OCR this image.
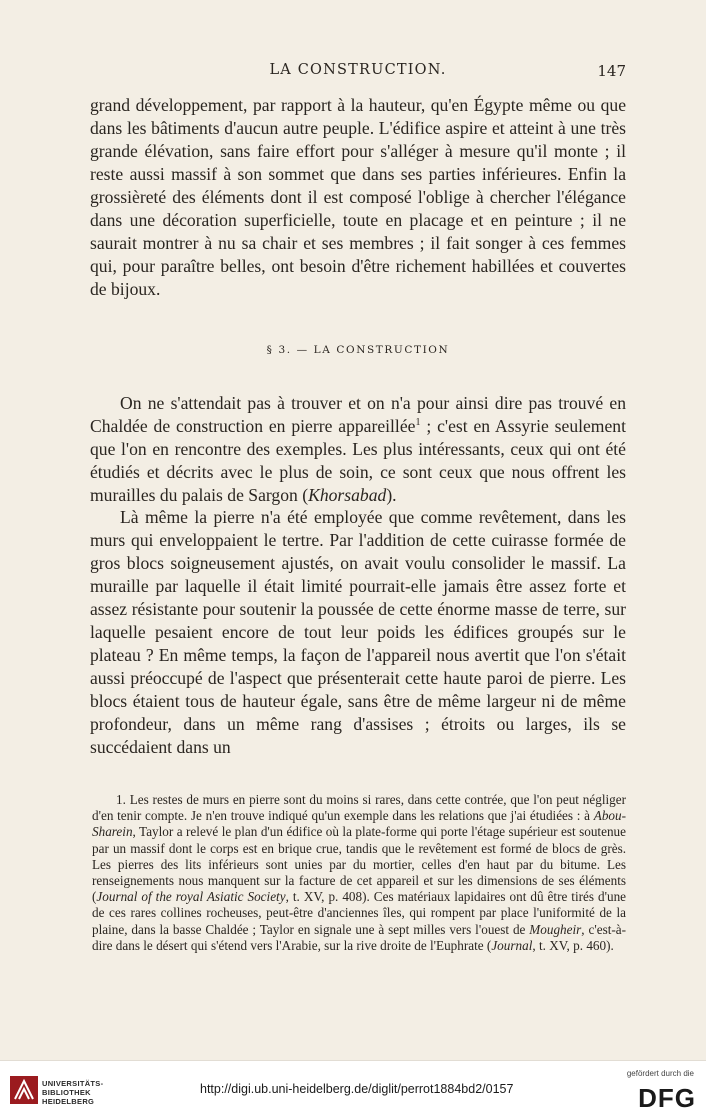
LA CONSTRUCTION.	147

grand développement, par rapport à la hauteur, qu'en Égypte même ou que dans les bâtiments d'aucun autre peuple. L'édifice aspire et atteint à une très grande élévation, sans faire effort pour s'alléger à mesure qu'il monte ; il reste aussi massif à son sommet que dans ses parties inférieures. Enfin la grossièreté des éléments dont il est composé l'oblige à chercher l'élégance dans une décoration superficielle, toute en placage et en peinture ; il ne saurait montrer à nu sa chair et ses membres ; il fait songer à ces femmes qui, pour paraître belles, ont besoin d'être richement habillées et couvertes de bijoux.

§ 3. — LA CONSTRUCTION

On ne s'attendait pas à trouver et on n'a pour ainsi dire pas trouvé en Chaldée de construction en pierre appareillée$^1$ ; c'est en Assyrie seulement que l'on en rencontre des exemples. Les plus intéressants, ceux qui ont été étudiés et décrits avec le plus de soin, ce sont ceux que nous offrent les murailles du palais de Sargon (Khorsabad).

Là même la pierre n'a été employée que comme revêtement, dans les murs qui enveloppaient le tertre. Par l'addition de cette cuirasse formée de gros blocs soigneusement ajustés, on avait voulu consolider le massif. La muraille par laquelle il était limité pourrait-elle jamais être assez forte et assez résistante pour soutenir la poussée de cette énorme masse de terre, sur laquelle pesaient encore de tout leur poids les édifices groupés sur le plateau ? En même temps, la façon de l'appareil nous avertit que l'on s'était aussi préoccupé de l'aspect que présenterait cette haute paroi de pierre. Les blocs étaient tous de hauteur égale, sans être de même largeur ni de même profondeur, dans un même rang d'assises ; étroits ou larges, ils se succédaient dans un

1. Les restes de murs en pierre sont du moins si rares, dans cette contrée, que l'on peut négliger d'en tenir compte. Je n'en trouve indiqué qu'un exemple dans les relations que j'ai étudiées : à Abou-Sharein, Taylor a relevé le plan d'un édifice où la plate-forme qui porte l'étage supérieur est soutenue par un massif dont le corps est en brique crue, tandis que le revêtement est formé de blocs de grès. Les pierres des lits inférieurs sont unies par du mortier, celles d'en haut par du bitume. Les renseignements nous manquent sur la facture de cet appareil et sur les dimensions de ses éléments (Journal of the royal Asiatic Society, t. XV, p. 408). Ces matériaux lapidaires ont dû être tirés d'une de ces rares collines rocheuses, peut-être d'anciennes îles, qui rompent par place l'uniformité de la plaine, dans la basse Chaldée ; Taylor en signale une à sept milles vers l'ouest de Mougheir, c'est-à-dire dans le désert qui s'étend vers l'Arabie, sur la rive droite de l'Euphrate (Journal, t. XV, p. 460).

UNIVERSITÄTS-
BIBLIOTHEK
HEIDELBERG
http://digi.ub.uni-heidelberg.de/diglit/perrot1884bd2/0157
gefördert durch die
DFG
